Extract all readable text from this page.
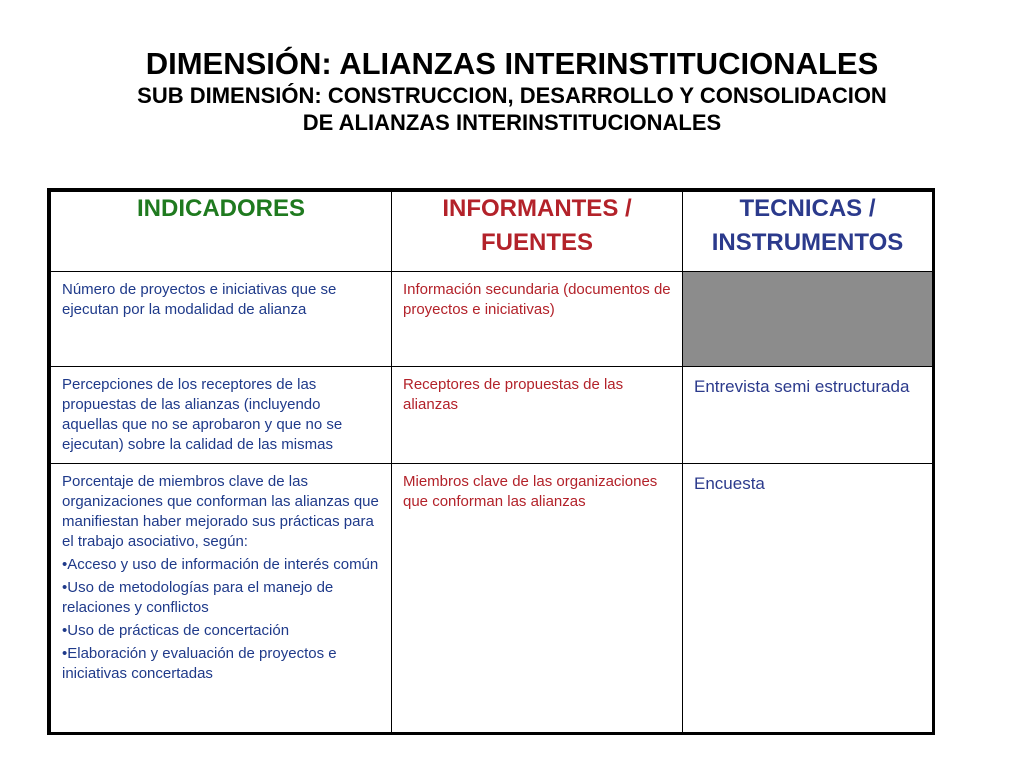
DIMENSIÓN: ALIANZAS INTERINSTITUCIONALES

SUB DIMENSIÓN: CONSTRUCCION, DESARROLLO Y CONSOLIDACION

DE ALIANZAS INTERINSTITUCIONALES

INDICADORES	INFORMANTES / FUENTES	TECNICAS / INSTRUMENTOS
Número de proyectos e iniciativas que se ejecutan por la modalidad de alianza	Información secundaria (documentos de proyectos e iniciativas)	
Percepciones de los receptores de las propuestas de las alianzas (incluyendo aquellas que no se aprobaron y que no se ejecutan) sobre la calidad de las mismas	Receptores de propuestas de las alianzas	Entrevista semi estructurada

Porcentaje de miembros clave de las organizaciones que conforman las alianzas que manifiestan haber mejorado sus prácticas para el trabajo asociativo, según:

•Acceso y uso de información de interés común

•Uso de metodologías para el manejo de relaciones y conflictos

•Uso de prácticas de concertación

•Elaboración y evaluación de proyectos e iniciativas concertadas	Miembros clave de las organizaciones que conforman las alianzas	Encuesta
